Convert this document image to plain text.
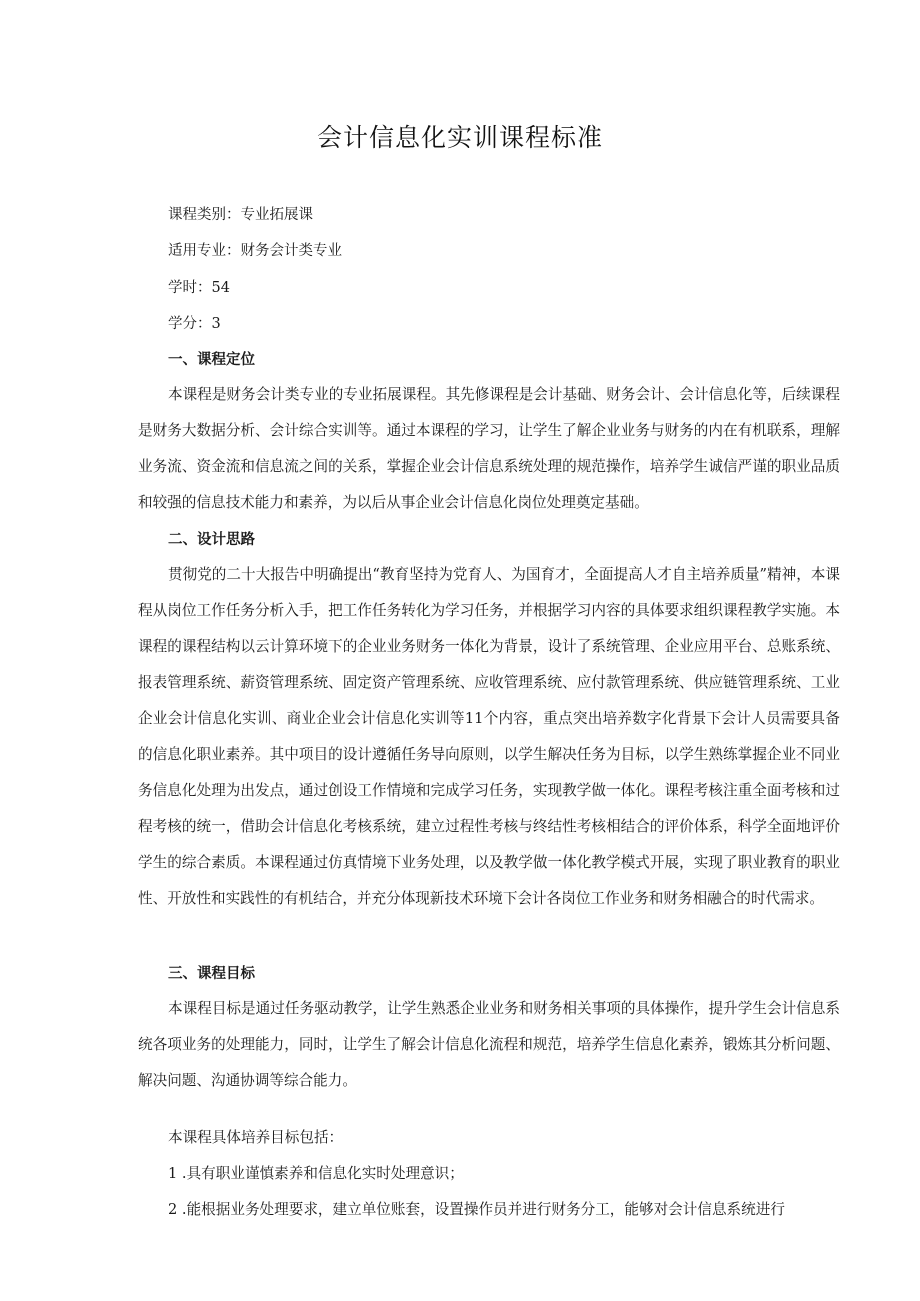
会计信息化实训课程标准
课程类别：专业拓展课
适用专业：财务会计类专业
学时：54
学分：3
一、课程定位

本课程是财务会计类专业的专业拓展课程。其先修课程是会计基础、财务会计、会计信息化等，后续课程是财务大数据分析、会计综合实训等。通过本课程的学习，让学生了解企业业务与财务的内在有机联系，理解业务流、资金流和信息流之间的关系，掌握企业会计信息系统处理的规范操作，培养学生诚信严谨的职业品质和较强的信息技术能力和素养，为以后从事企业会计信息化岗位处理奠定基础。

二、设计思路

贯彻党的二十大报告中明确提出“教育坚持为党育人、为国育才，全面提高人才自主培养质量”精神，本课程从岗位工作任务分析入手，把工作任务转化为学习任务，并根据学习内容的具体要求组织课程教学实施。本课程的课程结构以云计算环境下的企业业务财务一体化为背景，设计了系统管理、企业应用平台、总账系统、报表管理系统、薪资管理系统、固定资产管理系统、应收管理系统、应付款管理系统、供应链管理系统、工业企业会计信息化实训、商业企业会计信息化实训等11个内容，重点突出培养数字化背景下会计人员需要具备的信息化职业素养。其中项目的设计遵循任务导向原则，以学生解决任务为目标，以学生熟练掌握企业不同业务信息化处理为出发点，通过创设工作情境和完成学习任务，实现教学做一体化。课程考核注重全面考核和过程考核的统一，借助会计信息化考核系统，建立过程性考核与终结性考核相结合的评价体系，科学全面地评价学生的综合素质。本课程通过仿真情境下业务处理，以及教学做一体化教学模式开展，实现了职业教育的职业性、开放性和实践性的有机结合，并充分体现新技术环境下会计各岗位工作业务和财务相融合的时代需求。

三、课程目标

本课程目标是通过任务驱动教学，让学生熟悉企业业务和财务相关事项的具体操作，提升学生会计信息系统各项业务的处理能力，同时，让学生了解会计信息化流程和规范，培养学生信息化素养，锻炼其分析问题、解决问题、沟通协调等综合能力。

本课程具体培养目标包括：
1 .具有职业谨慎素养和信息化实时处理意识；
2 .能根据业务处理要求，建立单位账套，设置操作员并进行财务分工，能够对会计信息系统进行
